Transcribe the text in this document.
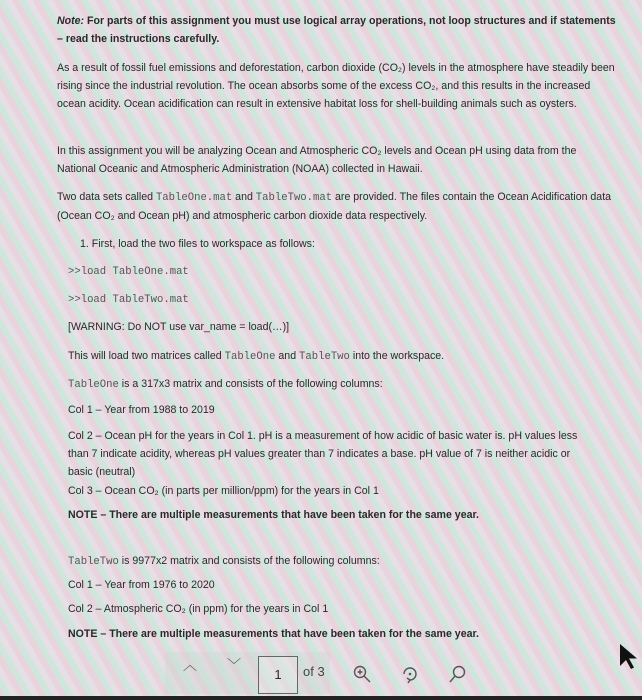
Note: For parts of this assignment you must use logical array operations, not loop structures and if statements – read the instructions carefully.

As a result of fossil fuel emissions and deforestation, carbon dioxide (CO₂) levels in the atmosphere have steadily been rising since the industrial revolution. The ocean absorbs some of the excess CO₂, and this results in the increased ocean acidity. Ocean acidification can result in extensive habitat loss for shell-building animals such as oysters.

In this assignment you will be analyzing Ocean and Atmospheric CO₂ levels and Ocean pH using data from the National Oceanic and Atmospheric Administration (NOAA) collected in Hawaii.

Two data sets called TableOne.mat and TableTwo.mat are provided. The files contain the Ocean Acidification data (Ocean CO₂ and Ocean pH) and atmospheric carbon dioxide data respectively.

1. First, load the two files to workspace as follows:

>>load TableOne.mat

>>load TableTwo.mat

[WARNING: Do NOT use var_name = load(…)]

This will load two matrices called TableOne and TableTwo into the workspace.

TableOne is a 317x3 matrix and consists of the following columns:

Col 1 – Year from 1988 to 2019

Col 2 – Ocean pH for the years in Col 1. pH is a measurement of how acidic of basic water is. pH values less than 7 indicate acidity, whereas pH values greater than 7 indicates a base. pH value of 7 is neither acidic or basic (neutral)

Col 3 – Ocean CO₂ (in parts per million/ppm) for the years in Col 1

NOTE – There are multiple measurements that have been taken for the same year.

TableTwo is 9977x2 matrix and consists of the following columns:

Col 1 – Year from 1976 to 2020

Col 2 – Atmospheric CO₂ (in ppm) for the years in Col 1

NOTE – There are multiple measurements that have been taken for the same year.

︿ ﹀
1	of 3
